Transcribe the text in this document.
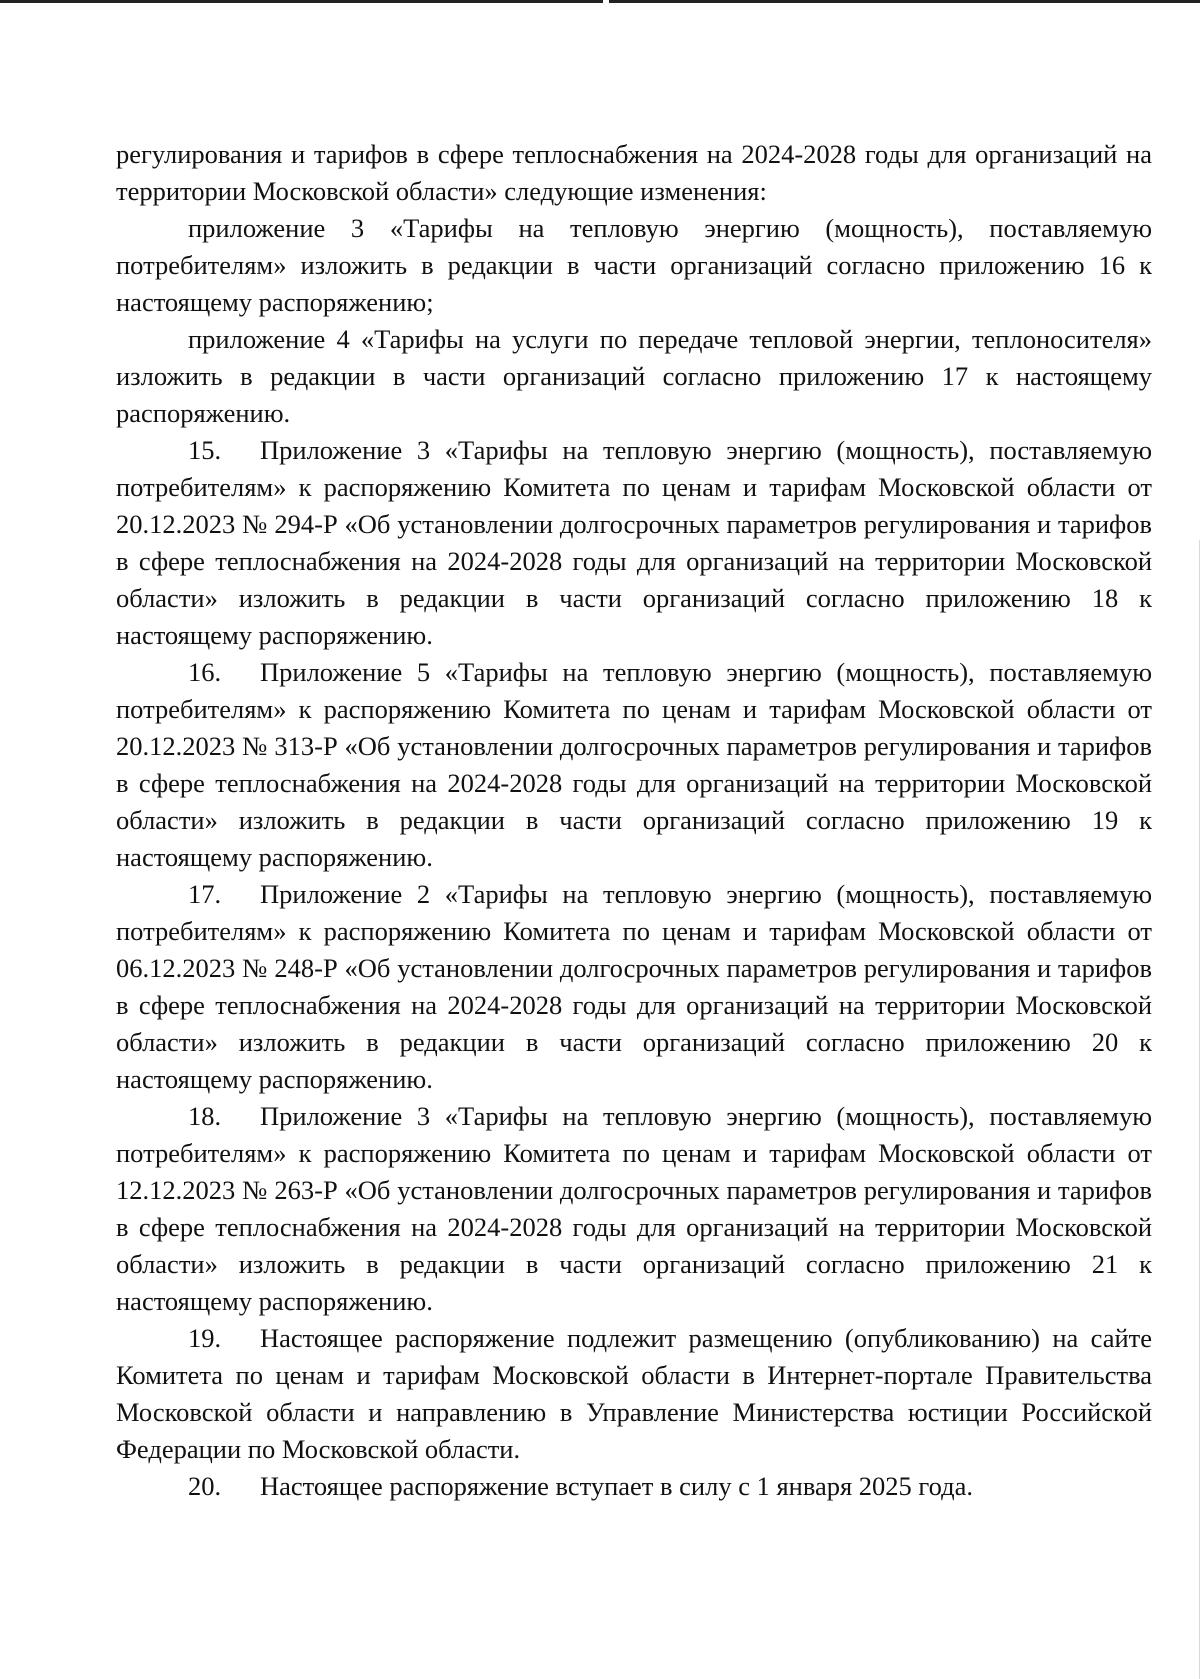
регулирования и тарифов в сфере теплоснабжения на 2024-2028 годы для организаций на территории Московской области» следующие изменения:

приложение 3 «Тарифы на тепловую энергию (мощность), поставляемую потребителям» изложить в редакции в части организаций согласно приложению 16 к настоящему распоряжению;

приложение 4 «Тарифы на услуги по передаче тепловой энергии, теплоносителя» изложить в редакции в части организаций согласно приложению 17 к настоящему распоряжению.

15. Приложение 3 «Тарифы на тепловую энергию (мощность), поставляемую потребителям» к распоряжению Комитета по ценам и тарифам Московской области от 20.12.2023 № 294-Р «Об установлении долгосрочных параметров регулирования и тарифов в сфере теплоснабжения на 2024-2028 годы для организаций на территории Московской области» изложить в редакции в части организаций согласно приложению 18 к настоящему распоряжению.

16. Приложение 5 «Тарифы на тепловую энергию (мощность), поставляемую потребителям» к распоряжению Комитета по ценам и тарифам Московской области от 20.12.2023 № 313-Р «Об установлении долгосрочных параметров регулирования и тарифов в сфере теплоснабжения на 2024-2028 годы для организаций на территории Московской области» изложить в редакции в части организаций согласно приложению 19 к настоящему распоряжению.

17. Приложение 2 «Тарифы на тепловую энергию (мощность), поставляемую потребителям» к распоряжению Комитета по ценам и тарифам Московской области от 06.12.2023 № 248-Р «Об установлении долгосрочных параметров регулирования и тарифов в сфере теплоснабжения на 2024-2028 годы для организаций на территории Московской области» изложить в редакции в части организаций согласно приложению 20 к настоящему распоряжению.

18. Приложение 3 «Тарифы на тепловую энергию (мощность), поставляемую потребителям» к распоряжению Комитета по ценам и тарифам Московской области от 12.12.2023 № 263-Р «Об установлении долгосрочных параметров регулирования и тарифов в сфере теплоснабжения на 2024-2028 годы для организаций на территории Московской области» изложить в редакции в части организаций согласно приложению 21 к настоящему распоряжению.

19. Настоящее распоряжение подлежит размещению (опубликованию) на сайте Комитета по ценам и тарифам Московской области в Интернет-портале Правительства Московской области и направлению в Управление Министерства юстиции Российской Федерации по Московской области.

20. Настоящее распоряжение вступает в силу с 1 января 2025 года.
